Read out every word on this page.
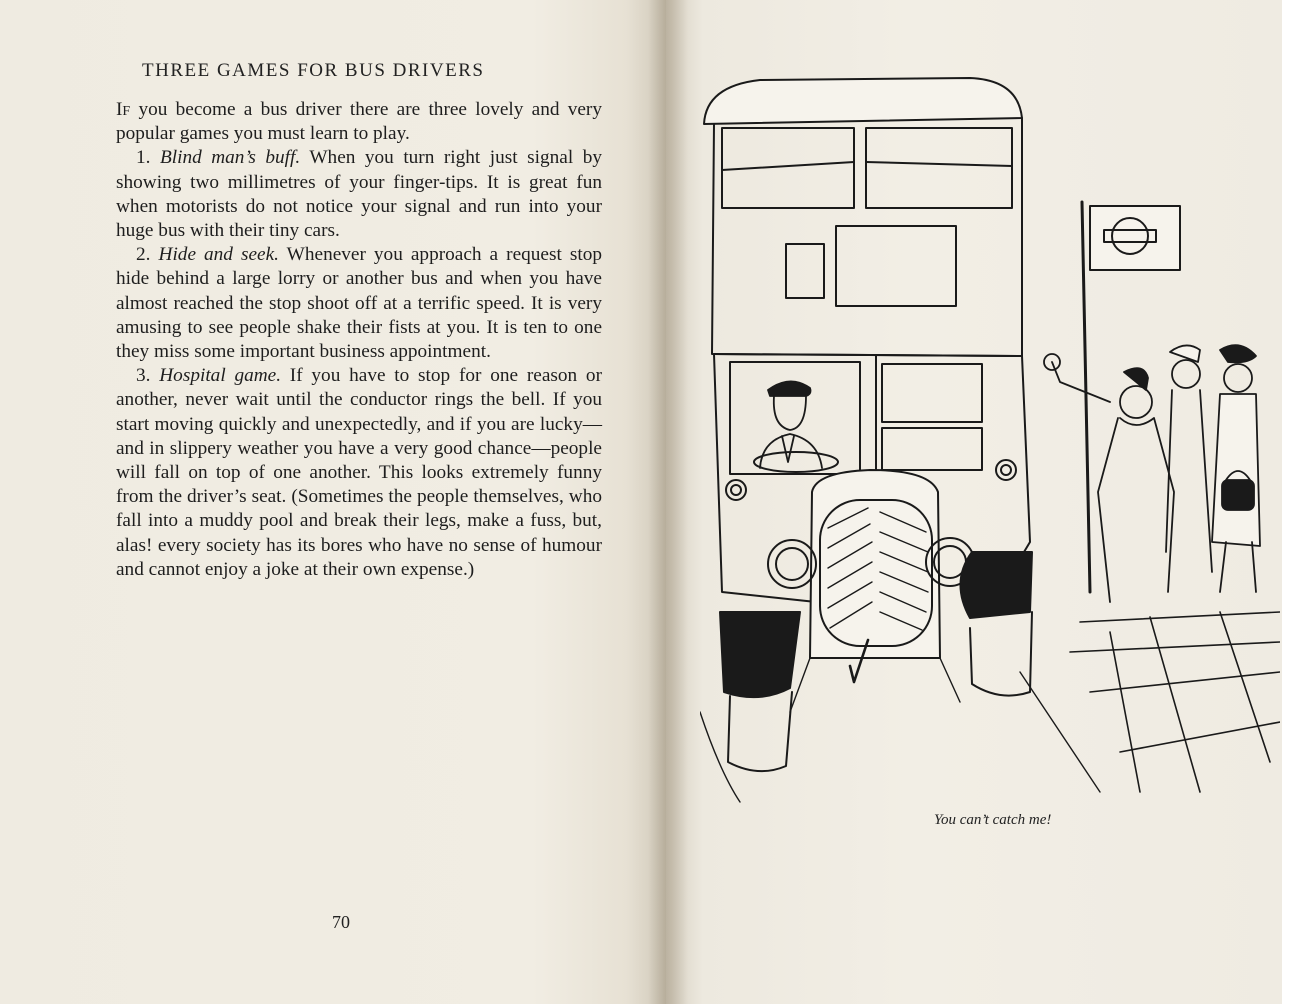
THREE GAMES FOR BUS DRIVERS

If you become a bus driver there are three lovely and very popular games you must learn to play.

1. Blind man’s buff. When you turn right just signal by showing two millimetres of your finger-tips. It is great fun when motorists do not notice your signal and run into your huge bus with their tiny cars.

2. Hide and seek. Whenever you approach a request stop hide behind a large lorry or another bus and when you have almost reached the stop shoot off at a terrific speed. It is very amusing to see people shake their fists at you. It is ten to one they miss some important business appointment.

3. Hospital game. If you have to stop for one reason or another, never wait until the conductor rings the bell. If you start moving quickly and unexpectedly, and if you are lucky—and in slippery weather you have a very good chance—people will fall on top of one another. This looks extremely funny from the driver’s seat. (Sometimes the people themselves, who fall into a muddy pool and break their legs, make a fuss, but, alas! every society has its bores who have no sense of humour and cannot enjoy a joke at their own expense.)

70
You can’t catch me!
